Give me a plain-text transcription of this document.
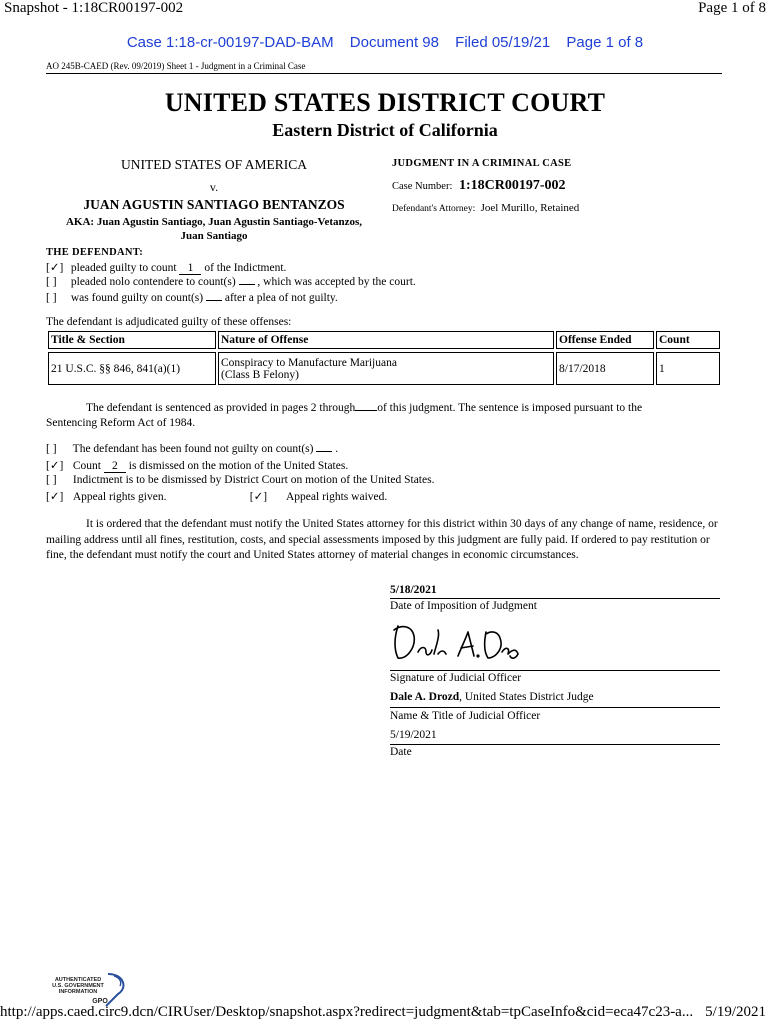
Snapshot - 1:18CR00197-002	Page 1 of 8
Case 1:18-cr-00197-DAD-BAM Document 98 Filed 05/19/21 Page 1 of 8
AO 245B-CAED (Rev. 09/2019) Sheet 1 - Judgment in a Criminal Case
UNITED STATES DISTRICT COURT
Eastern District of California
UNITED STATES OF AMERICA
v.
JUAN AGUSTIN SANTIAGO BENTANZOS
AKA: Juan Agustin Santiago, Juan Agustin Santiago-Vetanzos,
Juan Santiago
JUDGMENT IN A CRIMINAL CASE
Case Number: 1:18CR00197-002
Defendant's Attorney: Joel Murillo, Retained
THE DEFENDANT:
[✓] pleaded guilty to count 1 of the Indictment.
[ ] pleaded nolo contendere to count(s) , which was accepted by the court.
[ ] was found guilty on count(s) after a plea of not guilty.
The defendant is adjudicated guilty of these offenses:
Title & Section	Nature of Offense	Offense Ended	Count

21 U.S.C. §§ 846, 841(a)(1)	Conspiracy to Manufacture Marijuana
(Class B Felony)	8/17/2018	1
The defendant is sentenced as provided in pages 2 through of this judgment. The sentence is imposed pursuant to the
Sentencing Reform Act of 1984.
[ ] The defendant has been found not guilty on count(s) .
[✓] Count 2 is dismissed on the motion of the United States.
[ ] Indictment is to be dismissed by District Court on motion of the United States.
[✓] Appeal rights given.	[✓] Appeal rights waived.
It is ordered that the defendant must notify the United States attorney for this district within 30 days of any change of name, residence, or mailing address until all fines, restitution, costs, and special assessments imposed by this judgment are fully paid. If ordered to pay restitution or fine, the defendant must notify the court and United States attorney of material changes in economic circumstances.
5/18/2021
Date of Imposition of Judgment
Signature of Judicial Officer
Dale A. Drozd, United States District Judge
Name & Title of Judicial Officer
5/19/2021
Date
AUTHENTICATED
U.S. GOVERNMENT
INFORMATION
GPO
http://apps.caed.circ9.dcn/CIRUser/Desktop/snapshot.aspx?redirect=judgment&tab=tpCaseInfo&cid=eca47c23-a... 5/19/2021
